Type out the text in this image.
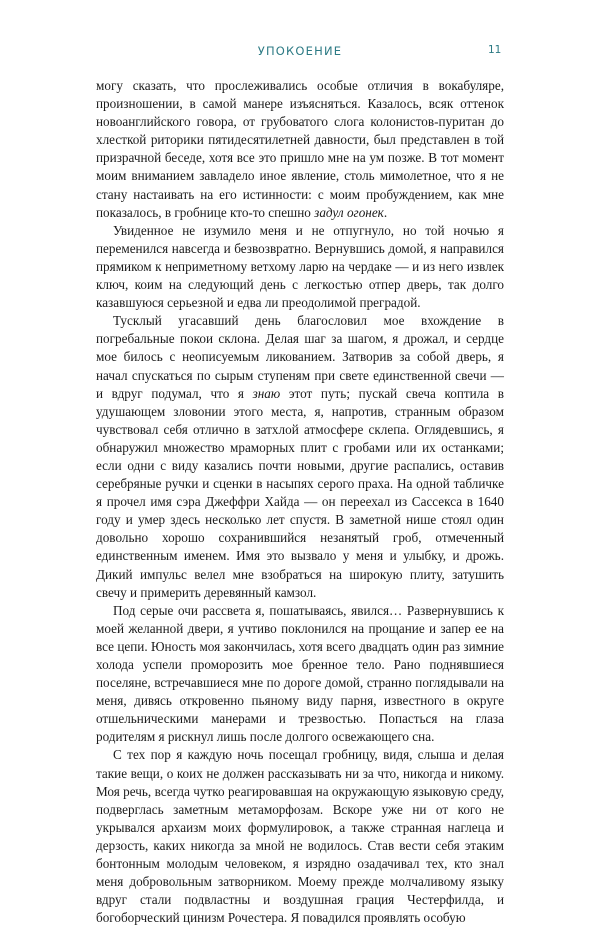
УПОКОЕНИЕ	11

могу сказать, что прослеживались особые отличия в вокабуляре, произношении, в самой манере изъясняться. Казалось, всяк оттенок новоанглийского говора, от грубоватого слога колонистов-пуритан до хлесткой риторики пятидесятилетней давности, был представлен в той призрачной беседе, хотя все это пришло мне на ум позже. В тот момент моим вниманием завладело иное явление, столь мимолетное, что я не стану настаивать на его истинности: с моим пробуждением, как мне показалось, в гробнице кто-то спешно задул огонек.

Увиденное не изумило меня и не отпугнуло, но той ночью я переменился навсегда и безвозвратно. Вернувшись домой, я направился прямиком к неприметному ветхому ларю на чердаке — и из него извлек ключ, коим на следующий день с легкостью отпер дверь, так долго казавшуюся серьезной и едва ли преодолимой преградой.

Тусклый угасавший день благословил мое вхождение в погребальные покои склона. Делая шаг за шагом, я дрожал, и сердце мое билось с неописуемым ликованием. Затворив за собой дверь, я начал спускаться по сырым ступеням при свете единственной свечи — и вдруг подумал, что я знаю этот путь; пускай свеча коптила в удушающем зловонии этого места, я, напротив, странным образом чувствовал себя отлично в затхлой атмосфере склепа. Оглядевшись, я обнаружил множество мраморных плит с гробами или их останками; если одни с виду казались почти новыми, другие распались, оставив серебряные ручки и сценки в насыпях серого праха. На одной табличке я прочел имя сэра Джеффри Хайда — он переехал из Сассекса в 1640 году и умер здесь несколько лет спустя. В заметной нише стоял один довольно хорошо сохранившийся незанятый гроб, отмеченный единственным именем. Имя это вызвало у меня и улыбку, и дрожь. Дикий импульс велел мне взобраться на широкую плиту, затушить свечу и примерить деревянный камзол.

Под серые очи рассвета я, пошатываясь, явился… Развернувшись к моей желанной двери, я учтиво поклонился на прощание и запер ее на все цепи. Юность моя закончилась, хотя всего двадцать один раз зимние холода успели проморозить мое бренное тело. Рано поднявшиеся поселяне, встречавшиеся мне по дороге домой, странно поглядывали на меня, дивясь откровенно пьяному виду парня, известного в округе отшельническими манерами и трезвостью. Попасться на глаза родителям я рискнул лишь после долгого освежающего сна.

С тех пор я каждую ночь посещал гробницу, видя, слыша и делая такие вещи, о коих не должен рассказывать ни за что, никогда и никому. Моя речь, всегда чутко реагировавшая на окружающую языковую среду, подверглась заметным метаморфозам. Вскоре уже ни от кого не укрывался архаизм моих формулировок, а также странная наглеца и дерзость, каких никогда за мной не водилось. Став вести себя этаким бонтонным молодым человеком, я изрядно озадачивал тех, кто знал меня добровольным затворником. Моему прежде молчаливому языку вдруг стали подвластны и воздушная грация Честерфилда, и богоборческий цинизм Рочестера. Я повадился проявлять особую
